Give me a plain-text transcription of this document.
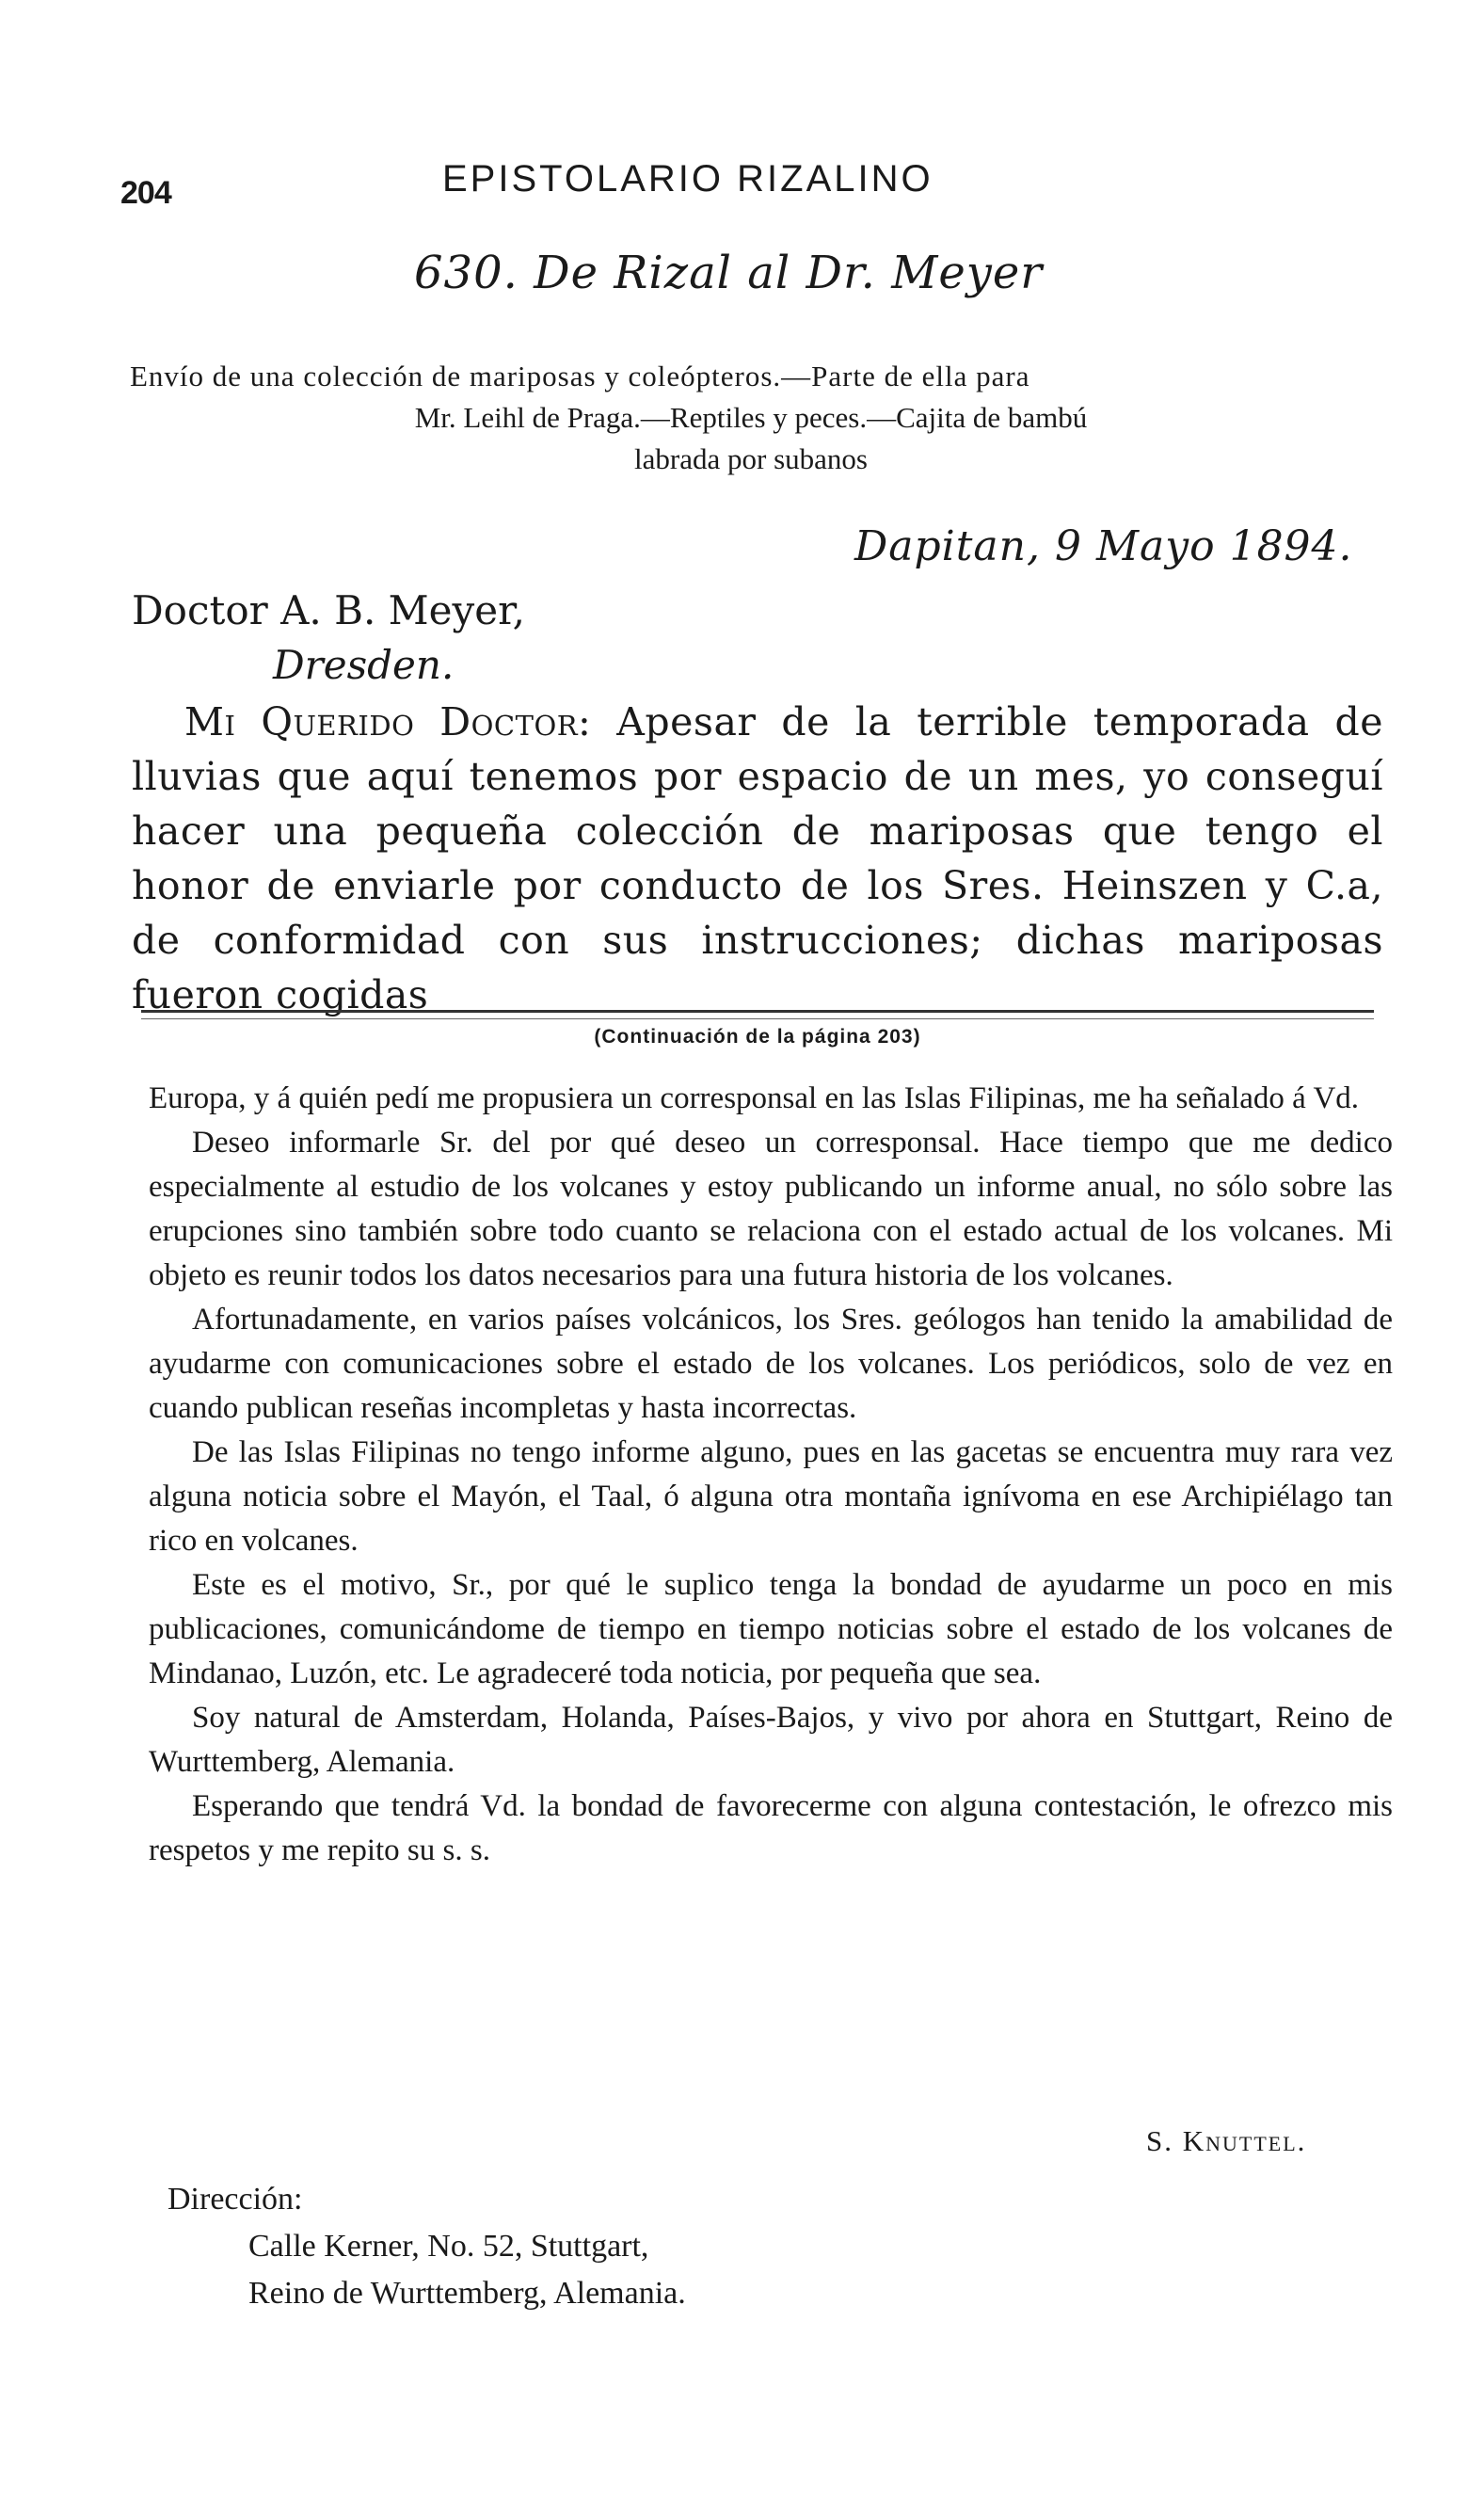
204	EPISTOLARIO RIZALINO
630. De Rizal al Dr. Meyer
Envío de una colección de mariposas y coleópteros.—Parte de ella para
Mr. Leihl de Praga.—Reptiles y peces.—Cajita de bambú
labrada por subanos
Dapitan, 9 Mayo 1894.
Doctor A. B. Meyer,
Dresden.
Mi Querido Doctor: Apesar de la terrible temporada de lluvias que aquí tenemos por espacio de un mes, yo conseguí hacer una pequeña colección de mariposas que tengo el honor de enviarle por conducto de los Sres. Heinszen y C.a, de conformidad con sus instrucciones; dichas mariposas fueron cogidas
(Continuación de la página 203)

Europa, y á quién pedí me propusiera un corresponsal en las Islas Filipinas, me ha señalado á Vd.

Deseo informarle Sr. del por qué deseo un corresponsal. Hace tiempo que me dedico especialmente al estudio de los volcanes y estoy publicando un informe anual, no sólo sobre las erupciones sino también sobre todo cuanto se relaciona con el estado actual de los volcanes. Mi objeto es reunir todos los datos necesarios para una futura historia de los volcanes.

Afortunadamente, en varios países volcánicos, los Sres. geólogos han tenido la amabilidad de ayudarme con comunicaciones sobre el estado de los volcanes. Los periódicos, solo de vez en cuando publican reseñas incompletas y hasta incorrectas.

De las Islas Filipinas no tengo informe alguno, pues en las gacetas se encuentra muy rara vez alguna noticia sobre el Mayón, el Taal, ó alguna otra montaña ignívoma en ese Archipiélago tan rico en volcanes.

Este es el motivo, Sr., por qué le suplico tenga la bondad de ayudarme un poco en mis publicaciones, comunicándome de tiempo en tiempo noticias sobre el estado de los volcanes de Mindanao, Luzón, etc. Le agradeceré toda noticia, por pequeña que sea.

Soy natural de Amsterdam, Holanda, Países-Bajos, y vivo por ahora en Stuttgart, Reino de Wurttemberg, Alemania.

Esperando que tendrá Vd. la bondad de favorecerme con alguna contestación, le ofrezco mis respetos y me repito su s. s.

S. Knuttel.
Dirección:
Calle Kerner, No. 52, Stuttgart,
Reino de Wurttemberg, Alemania.
